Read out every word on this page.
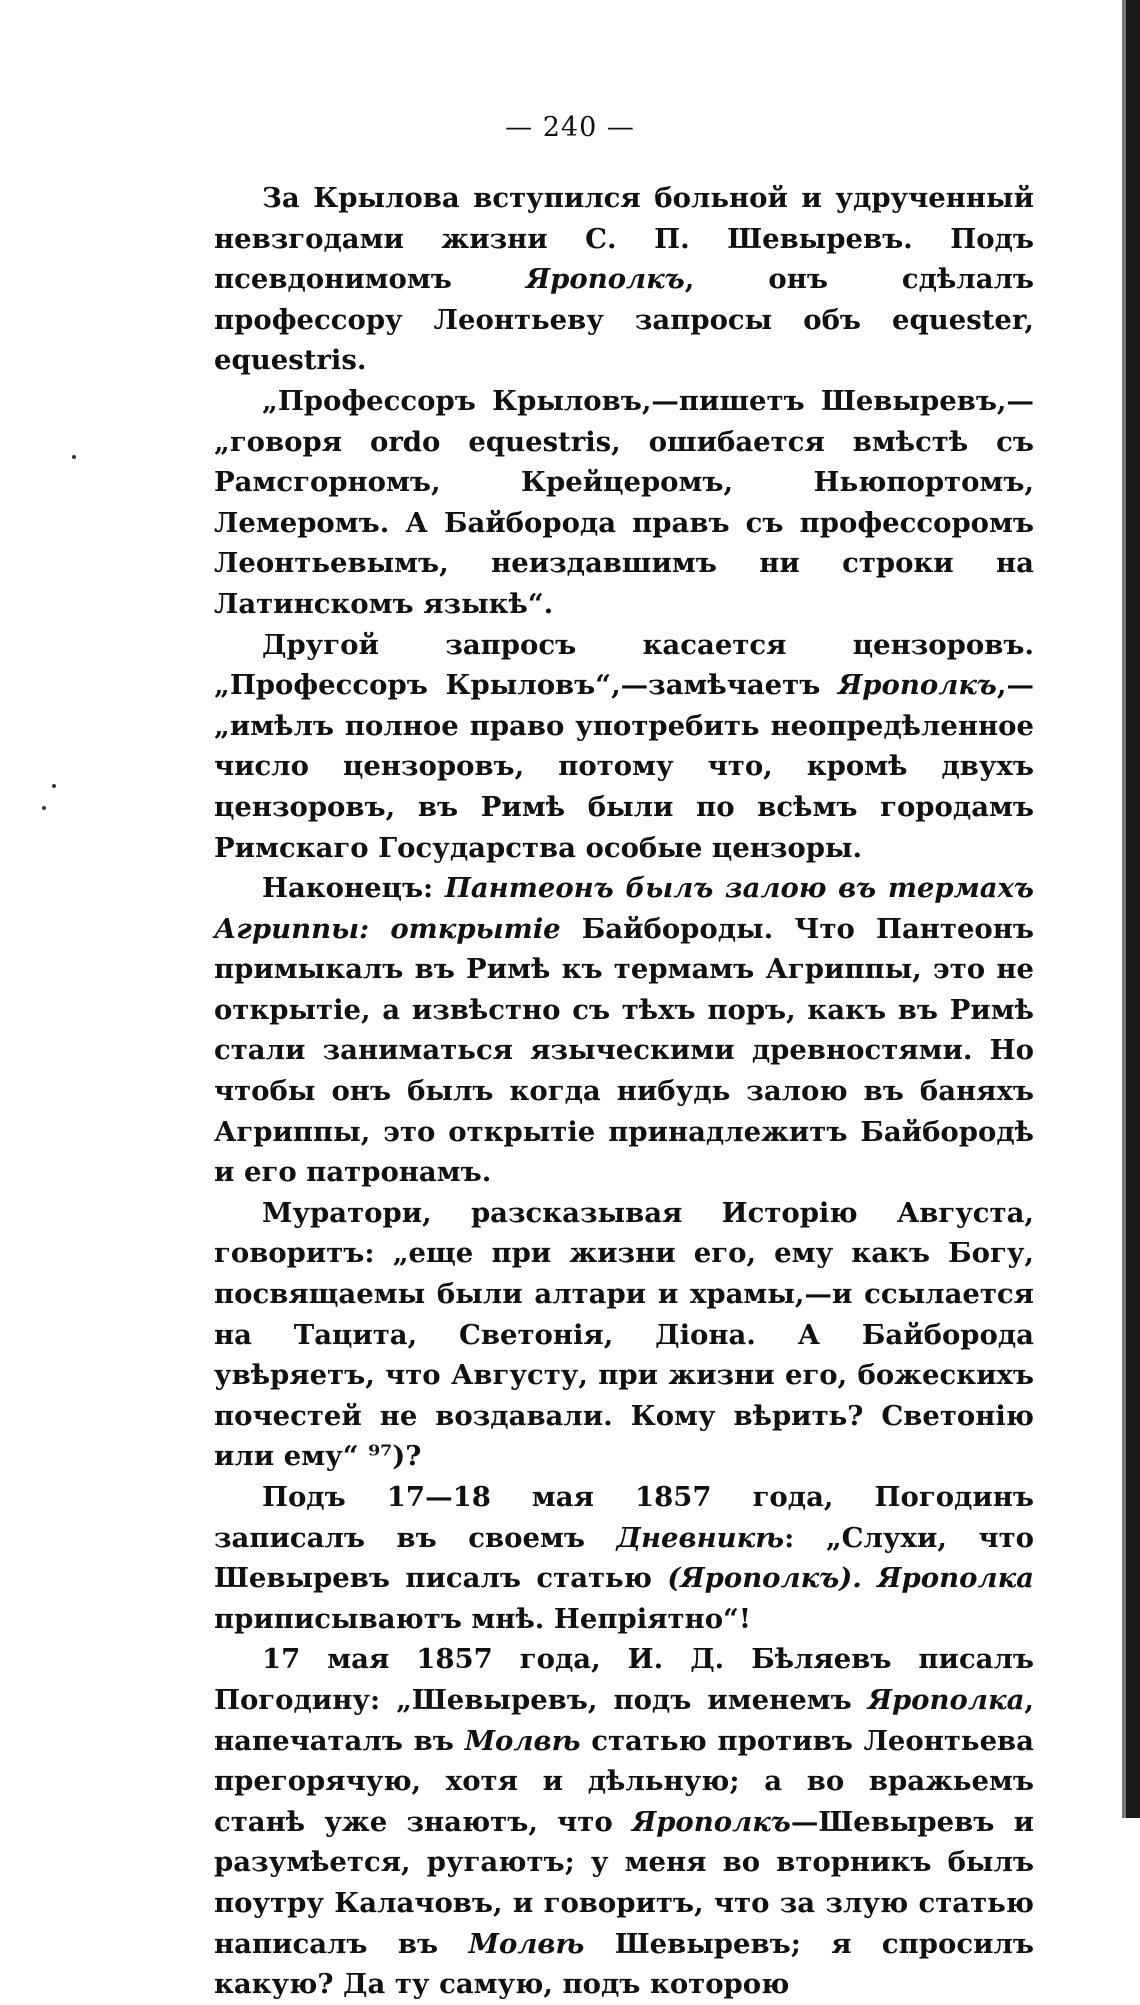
— 240 —

За Крылова вступился больной и удрученный невзгодами жизни С. П. Шевыревъ. Подъ псевдонимомъ Ярополкъ, онъ сдѣлалъ профессору Леонтьеву запросы объ equester, equestris.

„Профессоръ Крыловъ,—пишетъ Шевыревъ,—„говоря ordo equestris, ошибается вмѣстѣ съ Рамсгорномъ, Крейцеромъ, Ньюпортомъ, Лемеромъ. А Байборода правъ съ профессоромъ Леонтьевымъ, неиздавшимъ ни строки на Латинскомъ языкѣ“.

Другой запросъ касается цензоровъ. „Профессоръ Крыловъ“,—замѣчаетъ Ярополкъ,—„имѣлъ полное право употребить неопредѣленное число цензоровъ, потому что, кромѣ двухъ цензоровъ, въ Римѣ были по всѣмъ городамъ Римскаго Государства особые цензоры.

Наконецъ: Пантеонъ былъ залою въ термахъ Агриппы: открытіе Байбороды. Что Пантеонъ примыкалъ въ Римѣ къ термамъ Агриппы, это не открытіе, а извѣстно съ тѣхъ поръ, какъ въ Римѣ стали заниматься языческими древностями. Но чтобы онъ былъ когда нибудь залою въ баняхъ Агриппы, это открытіе принадлежитъ Байбородѣ и его патронамъ.

Муратори, разсказывая Исторію Августа, говоритъ: „еще при жизни его, ему какъ Богу, посвящаемы были алтари и храмы,—и ссылается на Тацита, Светонія, Діона. А Байборода увѣряетъ, что Августу, при жизни его, божескихъ почестей не воздавали. Кому вѣрить? Светонію или ему“ ⁹⁷)?

Подъ 17—18 мая 1857 года, Погодинъ записалъ въ своемъ Дневникѣ: „Слухи, что Шевыревъ писалъ статью (Ярополкъ). Ярополка приписываютъ мнѣ. Непріятно“!

17 мая 1857 года, И. Д. Бѣляевъ писалъ Погодину: „Шевыревъ, подъ именемъ Ярополка, напечаталъ въ Молвѣ статью противъ Леонтьева прегорячую, хотя и дѣльную; а во вражьемъ станѣ уже знаютъ, что Ярополкъ—Шевыревъ и разумѣется, ругаютъ; у меня во вторникъ былъ поутру Калачовъ, и говоритъ, что за злую статью написалъ въ Молвѣ Шевыревъ; я спросилъ какую? Да ту самую, подъ которою
